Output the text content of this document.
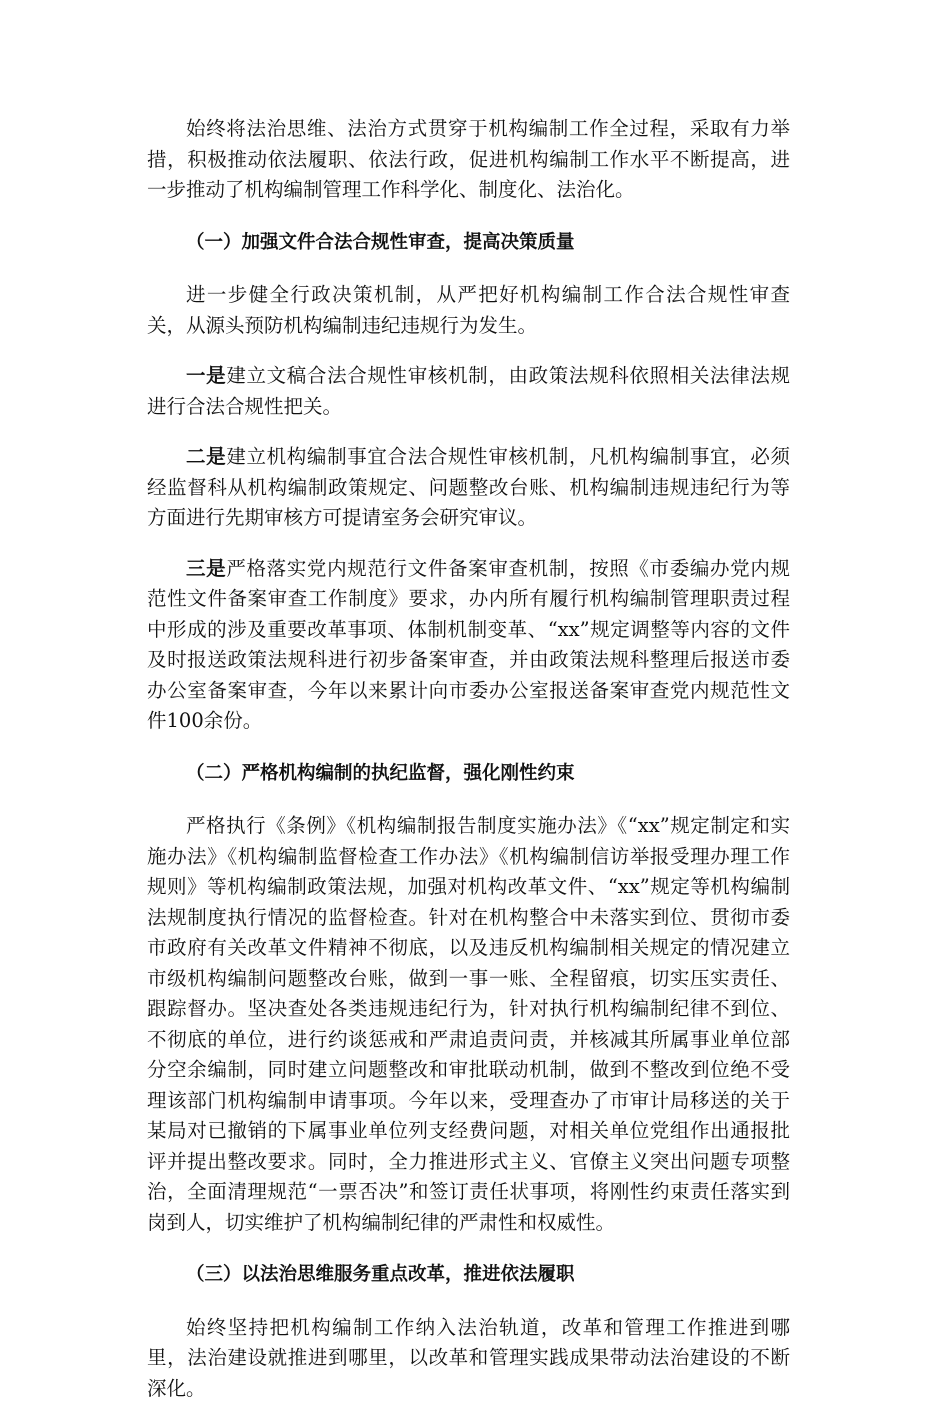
始终将法治思维、法治方式贯穿于机构编制工作全过程，采取有力举措，积极推动依法履职、依法行政，促进机构编制工作水平不断提高，进一步推动了机构编制管理工作科学化、制度化、法治化。

（一）加强文件合法合规性审查，提高决策质量

进一步健全行政决策机制，从严把好机构编制工作合法合规性审查关，从源头预防机构编制违纪违规行为发生。

一是建立文稿合法合规性审核机制，由政策法规科依照相关法律法规进行合法合规性把关。

二是建立机构编制事宜合法合规性审核机制，凡机构编制事宜，必须经监督科从机构编制政策规定、问题整改台账、机构编制违规违纪行为等方面进行先期审核方可提请室务会研究审议。

三是严格落实党内规范行文件备案审查机制，按照《市委编办党内规范性文件备案审查工作制度》要求，办内所有履行机构编制管理职责过程中形成的涉及重要改革事项、体制机制变革、“xx”规定调整等内容的文件及时报送政策法规科进行初步备案审查，并由政策法规科整理后报送市委办公室备案审查，今年以来累计向市委办公室报送备案审查党内规范性文件100余份。

（二）严格机构编制的执纪监督，强化刚性约束

严格执行《条例》《机构编制报告制度实施办法》《“xx”规定制定和实施办法》《机构编制监督检查工作办法》《机构编制信访举报受理办理工作规则》等机构编制政策法规，加强对机构改革文件、“xx”规定等机构编制法规制度执行情况的监督检查。针对在机构整合中未落实到位、贯彻市委市政府有关改革文件精神不彻底，以及违反机构编制相关规定的情况建立市级机构编制问题整改台账，做到一事一账、全程留痕，切实压实责任、跟踪督办。坚决查处各类违规违纪行为，针对执行机构编制纪律不到位、不彻底的单位，进行约谈惩戒和严肃追责问责，并核减其所属事业单位部分空余编制，同时建立问题整改和审批联动机制，做到不整改到位绝不受理该部门机构编制申请事项。今年以来，受理查办了市审计局移送的关于某局对已撤销的下属事业单位列支经费问题，对相关单位党组作出通报批评并提出整改要求。同时，全力推进形式主义、官僚主义突出问题专项整治，全面清理规范“一票否决”和签订责任状事项，将刚性约束责任落实到岗到人，切实维护了机构编制纪律的严肃性和权威性。

（三）以法治思维服务重点改革，推进依法履职

始终坚持把机构编制工作纳入法治轨道，改革和管理工作推进到哪里，法治建设就推进到哪里，以改革和管理实践成果带动法治建设的不断深化。
